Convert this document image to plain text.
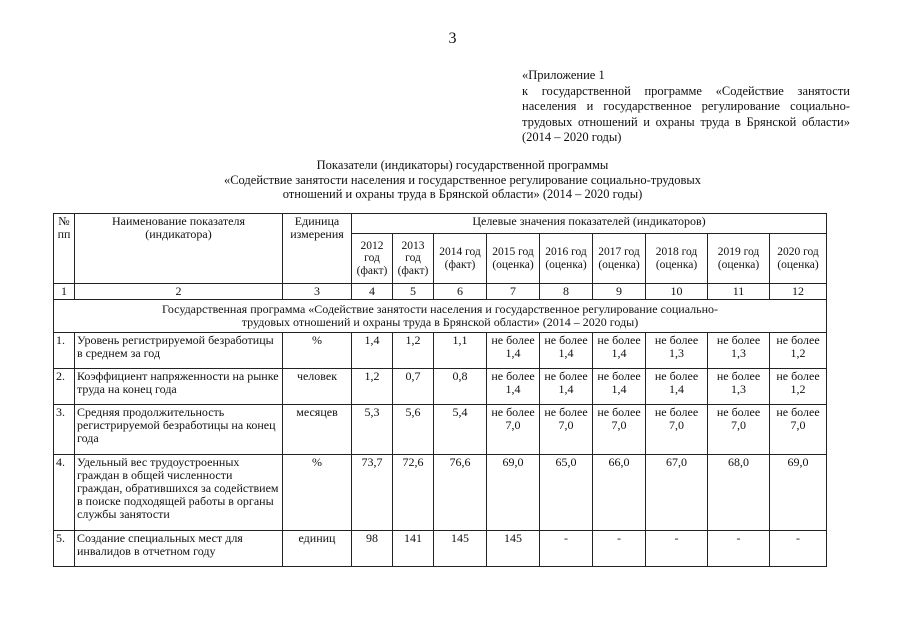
3
«Приложение 1
к государственной программе «Содействие занятости
населения и государственное регулирование социально-
трудовых отношений и охраны труда в Брянской области»
(2014 – 2020 годы)
Показатели (индикаторы) государственной программы
«Содействие занятости населения и государственное регулирование социально-трудовых
отношений и охраны труда в Брянской области» (2014 – 2020 годы)
№ пп	Наименование показателя (индикатора)	Единица измерения	Целевые значения показателей (индикаторов)								
			2012 год (факт)	2013 год (факт)	2014 год (факт)	2015 год (оценка)	2016 год (оценка)	2017 год (оценка)	2018 год (оценка)	2019 год (оценка)	2020 год (оценка)
1	2	3	4	5	6	7	8	9	10	11	12
Государственная программа «Содействие занятости населения и государственное регулирование социально-трудовых отношений и охраны труда в Брянской области» (2014 – 2020 годы)											
1.	Уровень регистрируемой безработицы в среднем за год	%	1,4	1,2	1,1	не более 1,4	не более 1,4	не более 1,4	не более 1,3	не более 1,3	не более 1,2
2.	Коэффициент напряженности на рынке труда на конец года	человек	1,2	0,7	0,8	не более 1,4	не более 1,4	не более 1,4	не более 1,4	не более 1,3	не более 1,2
3.	Средняя продолжительность регистрируемой безработицы на конец года	месяцев	5,3	5,6	5,4	не более 7,0	не более 7,0	не более 7,0	не более 7,0	не более 7,0	не более 7,0
4.	Удельный вес трудоустроенных граждан в общей численности граждан, обратившихся за содействием в поиске подходящей работы в органы службы занятости	%	73,7	72,6	76,6	69,0	65,0	66,0	67,0	68,0	69,0
5.	Создание специальных мест для инвалидов в отчетном году	единиц	98	141	145	145	-	-	-	-	-
